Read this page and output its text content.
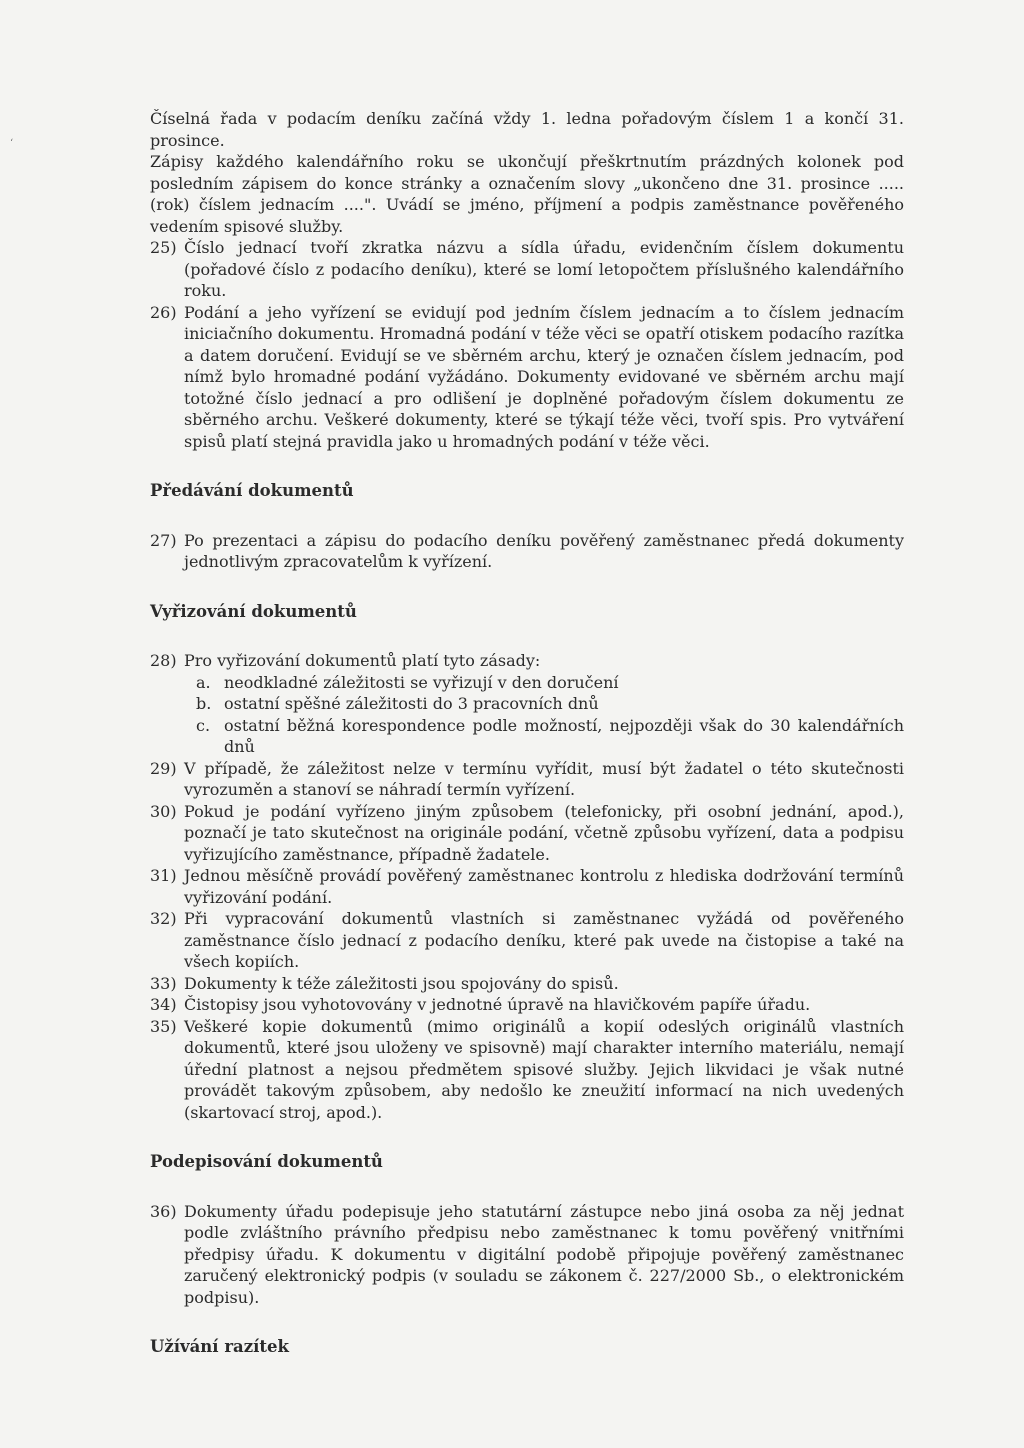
ʻ

Číselná řada v podacím deníku začíná vždy 1. ledna pořadovým číslem 1 a končí 31. prosince.

Zápisy každého kalendářního roku se ukončují přeškrtnutím prázdných kolonek pod posledním zápisem do konce stránky a označením slovy „ukončeno dne 31. prosince ..... (rok) číslem jednacím ....". Uvádí se jméno, příjmení a podpis zaměstnance pověřeného vedením spisové služby.

25) Číslo jednací tvoří zkratka názvu a sídla úřadu, evidenčním číslem dokumentu (pořadové číslo z podacího deníku), které se lomí letopočtem příslušného kalendářního roku.

26) Podání a jeho vyřízení se evidují pod jedním číslem jednacím a to číslem jednacím iniciačního dokumentu. Hromadná podání v téže věci se opatří otiskem podacího razítka a datem doručení. Evidují se ve sběrném archu, který je označen číslem jednacím, pod nímž bylo hromadné podání vyžádáno. Dokumenty evidované ve sběrném archu mají totožné číslo jednací a pro odlišení je doplněné pořadovým číslem dokumentu ze sběrného archu. Veškeré dokumenty, které se týkají téže věci, tvoří spis. Pro vytváření spisů platí stejná pravidla jako u hromadných podání v téže věci.

Předávání dokumentů

27) Po prezentaci a zápisu do podacího deníku pověřený zaměstnanec předá dokumenty jednotlivým zpracovatelům k vyřízení.

Vyřizování dokumentů

28) Pro vyřizování dokumentů platí tyto zásady:

a. neodkladné záležitosti se vyřizují v den doručení

b. ostatní spěšné záležitosti do 3 pracovních dnů

c. ostatní běžná korespondence podle možností, nejpozději však do 30 kalendářních dnů

29) V případě, že záležitost nelze v termínu vyřídit, musí být žadatel o této skutečnosti vyrozuměn a stanoví se náhradí termín vyřízení.

30) Pokud je podání vyřízeno jiným způsobem (telefonicky, při osobní jednání, apod.), poznačí je tato skutečnost na originále podání, včetně způsobu vyřízení, data a podpisu vyřizujícího zaměstnance, případně žadatele.

31) Jednou měsíčně provádí pověřený zaměstnanec kontrolu z hlediska dodržování termínů vyřizování podání.

32) Při vypracování dokumentů vlastních si zaměstnanec vyžádá od pověřeného zaměstnance číslo jednací z podacího deníku, které pak uvede na čistopise a také na všech kopiích.

33) Dokumenty k téže záležitosti jsou spojovány do spisů.

34) Čistopisy jsou vyhotovovány v jednotné úpravě na hlavičkovém papíře úřadu.

35) Veškeré kopie dokumentů (mimo originálů a kopií odeslých originálů vlastních dokumentů, které jsou uloženy ve spisovně) mají charakter interního materiálu, nemají úřední platnost a nejsou předmětem spisové služby. Jejich likvidaci je však nutné provádět takovým způsobem, aby nedošlo ke zneužití informací na nich uvedených (skartovací stroj, apod.).

Podepisování dokumentů

36) Dokumenty úřadu podepisuje jeho statutární zástupce nebo jiná osoba za něj jednat podle zvláštního právního předpisu nebo zaměstnanec k tomu pověřený vnitřními předpisy úřadu. K dokumentu v digitální podobě připojuje pověřený zaměstnanec zaručený elektronický podpis (v souladu se zákonem č. 227/2000 Sb., o elektronickém podpisu).

Užívání razítek
